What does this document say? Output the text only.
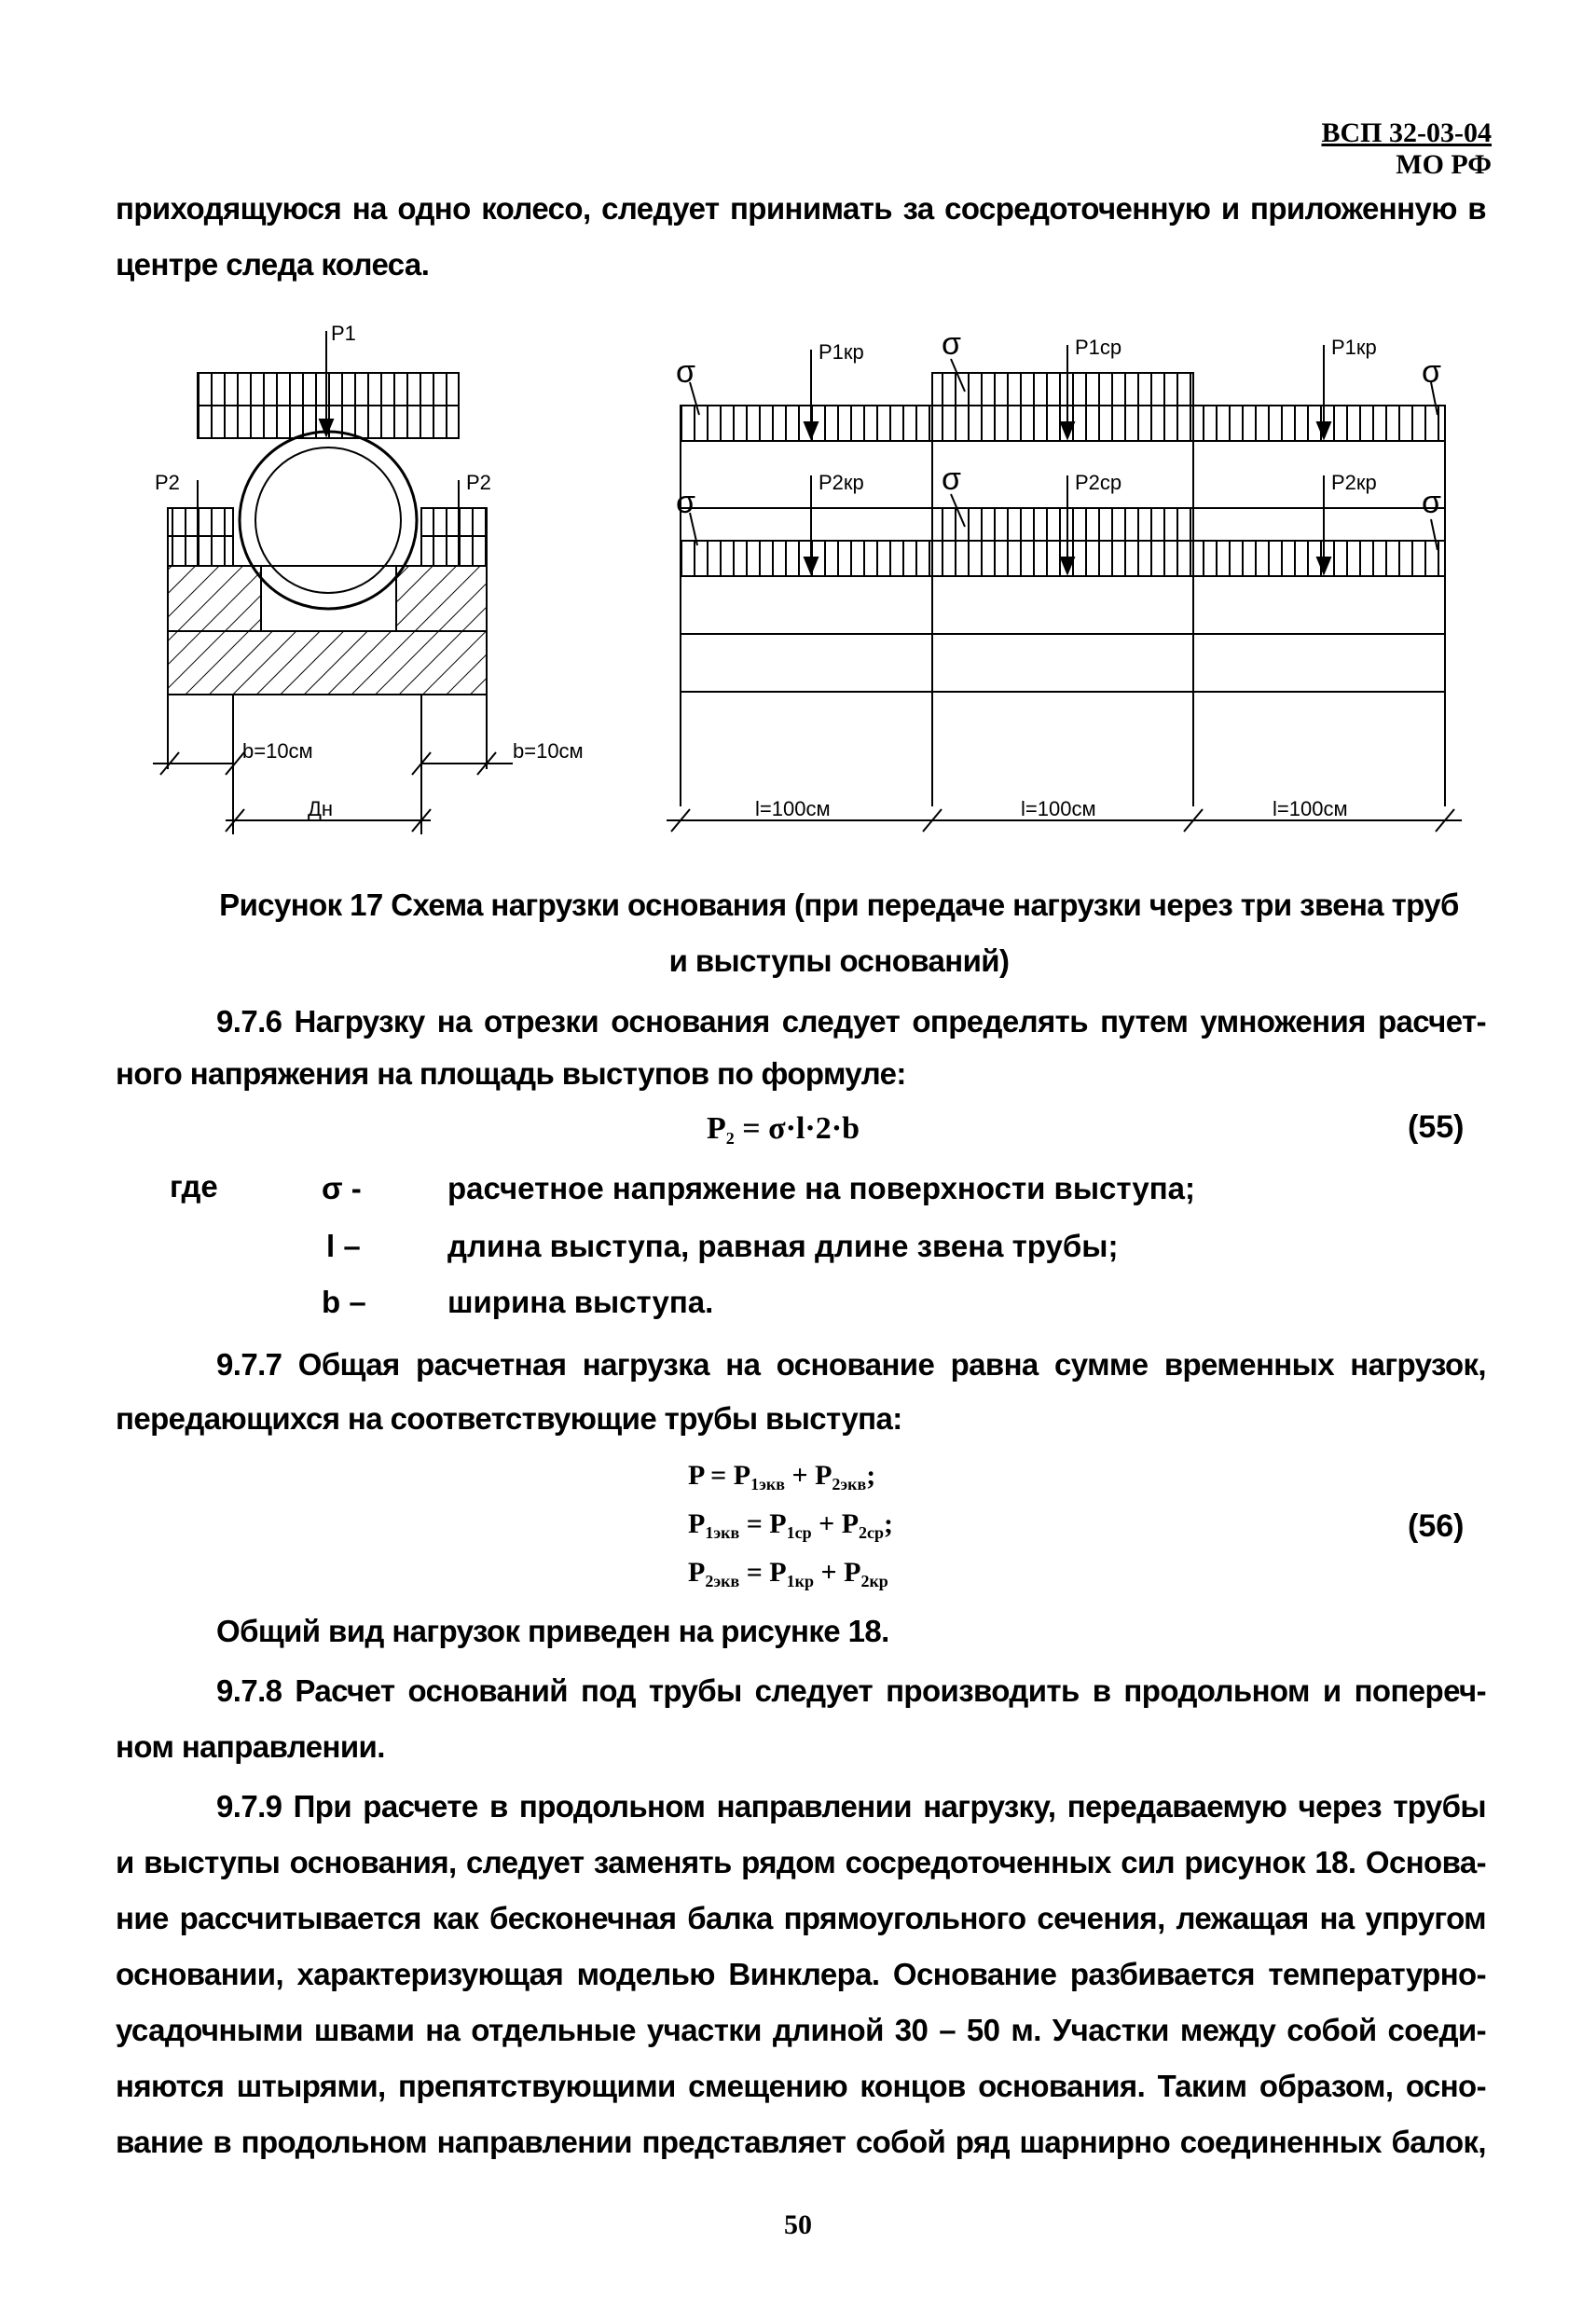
ВСП 32-03-04
МО РФ
приходящуюся на одно колесо, следует принимать за сосредоточенную и приложенную в
центре следа колеса.
P1
P2	P2
b=10см	b=10см
Дн
P1кр	P1ср	P1кр
P2кр	P2ср	P2кр
l=100см	l=100см	l=100см
σ
σ
σ
σ
σ
σ
Рисунок 17 Схема нагрузки основания (при передаче нагрузки через три звена труб
и выступы оснований)
9.7.6 Нагрузку на отрезки основания следует определять путем умножения расчет-
ного напряжения на площадь выступов по формуле:
$P_2 = \sigma\cdot l\cdot 2\cdot b$	(55)
где	σ -	расчетное напряжение на поверхности выступа;
l –	длина выступа, равная длине звена трубы;
b –	ширина выступа.
9.7.7 Общая расчетная нагрузка на основание равна сумме временных нагрузок,
передающихся на соответствующие трубы выступа:
$P = P_{1экв} + P_{2экв}$;
$P_{1экв} = P_{1ср} + P_{2ср}$;
$P_{2экв} = P_{1кр} + P_{2кр}$
(56)
Общий вид нагрузок приведен на рисунке 18.
9.7.8 Расчет оснований под трубы следует производить в продольном и попереч-
ном направлении.
9.7.9 При расчете в продольном направлении нагрузку, передаваемую через трубы
и выступы основания, следует заменять рядом сосредоточенных сил рисунок 18. Основа-
ние рассчитывается как бесконечная балка прямоугольного сечения, лежащая на упругом
основании, характеризующая моделью Винклера. Основание разбивается температурно-
усадочными швами на отдельные участки длиной 30 – 50 м. Участки между собой соеди-
няются штырями, препятствующими смещению концов основания. Таким образом, осно-
вание в продольном направлении представляет собой ряд шарнирно соединенных балок,
50
